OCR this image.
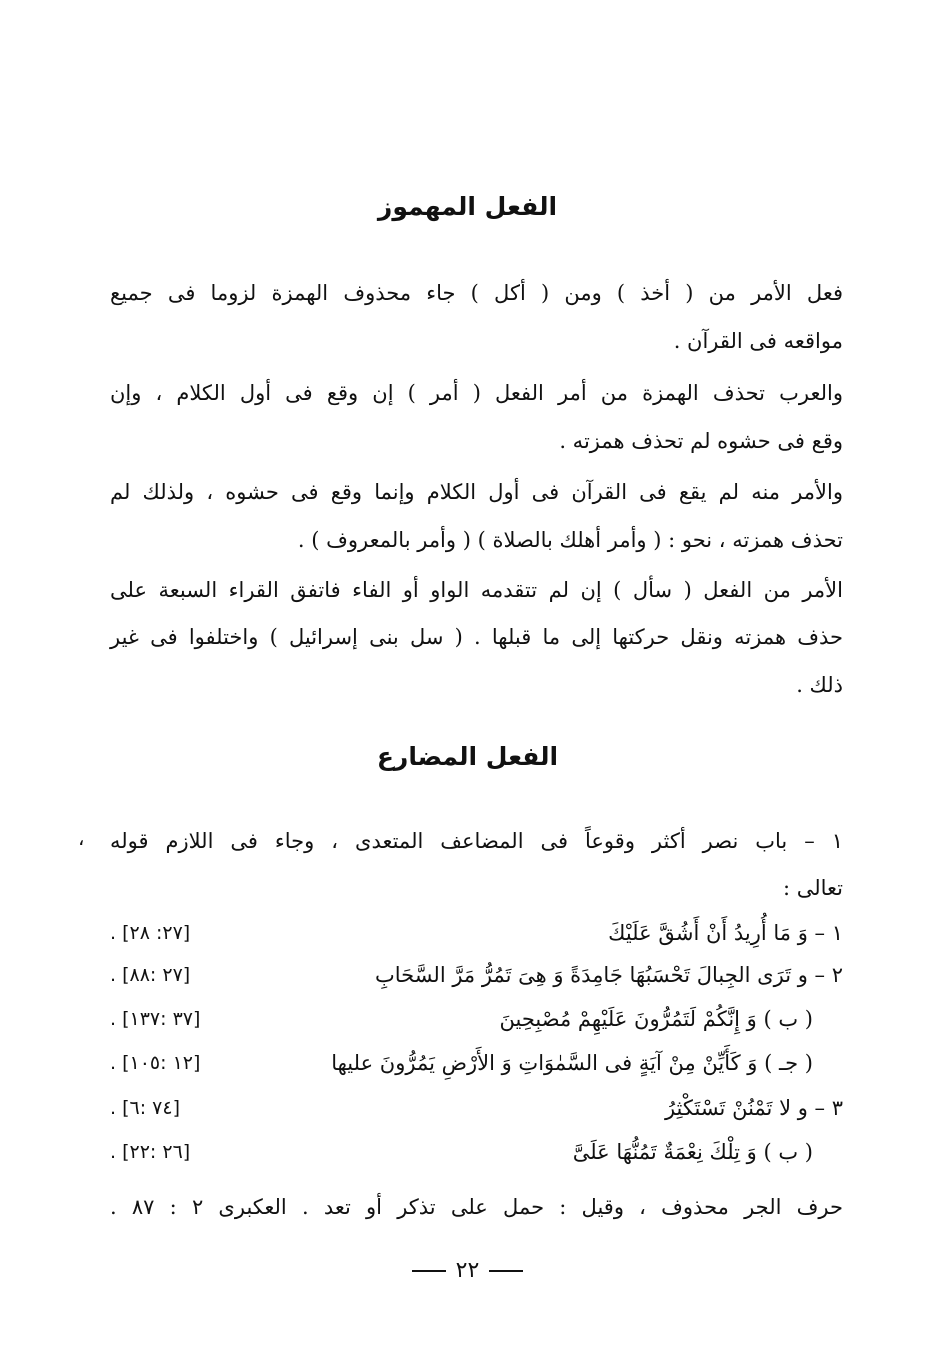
الفعل المهموز
فعل الأمر من ( أخذ ) ومن ( أكل ) جاء محذوف الهمزة لزوما فى جميع
مواقعه فى القرآن .
والعرب تحذف الهمزة من أمر الفعل ( أمر ) إن وقع فى أول الكلام ، وإن
وقع فى حشوه لم تحذف همزته .
والأمر منه لم يقع فى القرآن فى أول الكلام وإنما وقع فى حشوه ، ولذلك لم
تحذف همزته ، نحو : ( وأمر أهلك بالصلاة ) ( وأمر بالمعروف ) .
الأمر من الفعل ( سأل ) إن لم تتقدمه الواو أو الفاء فاتفق القراء السبعة على
حذف همزته ونقل حركتها إلى ما قبلها . ( سل بنى إسرائيل ) واختلفوا فى غير
ذلك .
الفعل المضارع
، ١ – باب نصر أكثر وقوعاً فى المضاعف المتعدى ، وجاء فى اللازم قوله
تعالى :
١ – وَ مَا أُرِيدُ أَنْ أَشُقَّ عَلَيْكَ
. [٢٧: ٢٨]
٢ – و تَرَى الجِبالَ تَحْسَبُهَا جَامِدَةً وَ هِىَ تَمُرُّ مَرَّ السَّحَابِ
. [٢٧ :٨٨]
( ب ) وَ إِنَّكُمْ لَتَمُرُّونَ عَلَيْهِمْ مُصْبِحِينَ
. [٣٧ :١٣٧]
( جـ ) وَ كَأَيِّنْ مِنْ آيَةٍ فى السَّمٰوَاتِ وَ الأَرْضِ يَمُرُّونَ عليها
. [١٢ :١٠٥]
٣ – و لا تَمْنُنْ تَسْتَكْثِرُ
. [٧٤ :٦]
( ب ) وَ تِلْكَ نِعْمَةٌ تَمُنُّهَا عَلَىَّ
. [٢٦ :٢٢]
حرف الجر محذوف ، وقيل : حمل على تذكر أو تعد . العكبرى ٢ : ٨٧ .
٢٢
